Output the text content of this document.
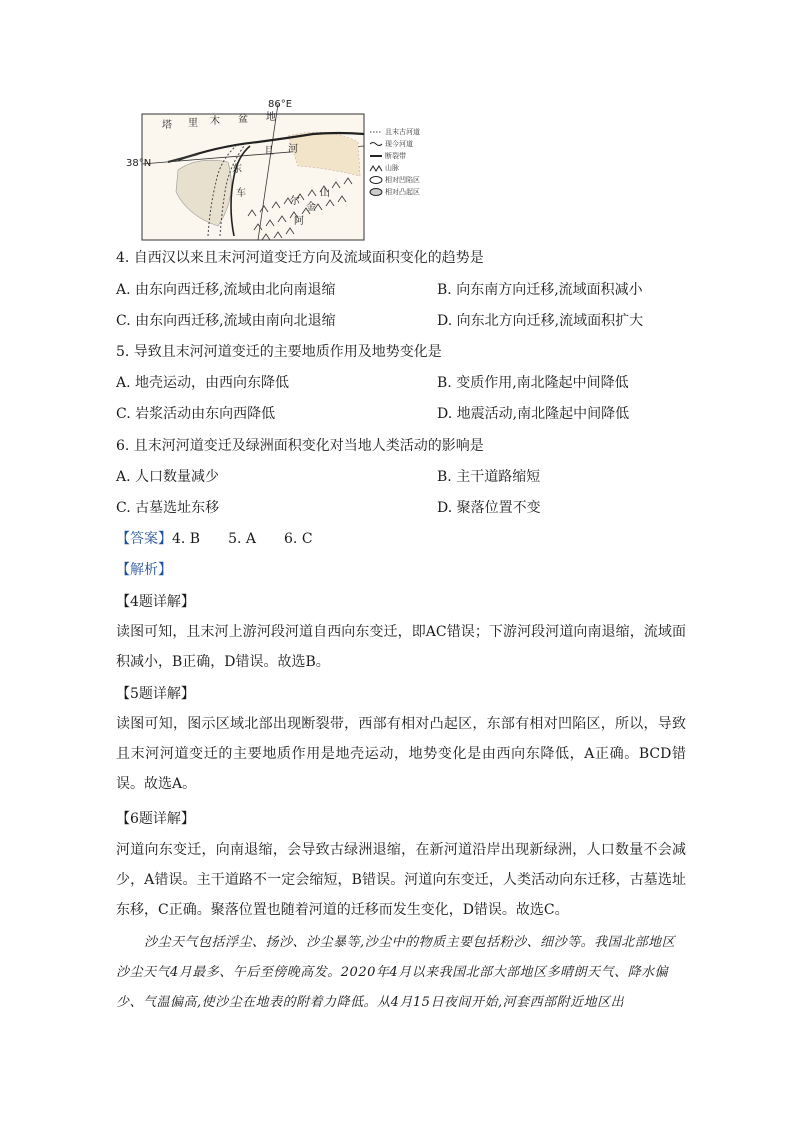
86°E
38°N
塔 里 木 盆 地
且 河
东
车
尔
山
金
阿
且末古河道
现今河道
断裂带
山脉
相对凹陷区
相对凸起区
4. 自西汉以来且末河河道变迁方向及流域面积变化的趋势是
A. 由东向西迁移,流域由北向南退缩	B. 向东南方向迁移,流域面积减小
C. 由东向西迁移,流域由南向北退缩	D. 向东北方向迁移,流域面积扩大
5. 导致且末河河道变迁的主要地质作用及地势变化是
A. 地壳运动，由西向东降低	B. 变质作用,南北隆起中间降低
C. 岩浆活动由东向西降低	D. 地震活动,南北隆起中间降低
6. 且末河河道变迁及绿洲面积变化对当地人类活动的影响是
A. 人口数量减少	B. 主干道路缩短
C. 古墓选址东移	D. 聚落位置不变
【答案】4. B　　5. A　　6. C
【解析】
【4题详解】
读图可知，且末河上游河段河道自西向东变迁，即AC错误；下游河段河道向南退缩，流域面积减小，B正确，D错误。故选B。
【5题详解】
读图可知，图示区域北部出现断裂带，西部有相对凸起区，东部有相对凹陷区，所以，导致且末河河道变迁的主要地质作用是地壳运动，地势变化是由西向东降低，A正确。BCD错误。故选A。
【6题详解】
河道向东变迁，向南退缩，会导致古绿洲退缩，在新河道沿岸出现新绿洲，人口数量不会减少，A错误。主干道路不一定会缩短，B错误。河道向东变迁，人类活动向东迁移，古墓选址东移，C正确。聚落位置也随着河道的迁移而发生变化，D错误。故选C。
沙尘天气包括浮尘、扬沙、沙尘暴等,沙尘中的物质主要包括粉沙、细沙等。我国北部地区沙尘天气4月最多、午后至傍晚高发。2020年4月以来我国北部大部地区多晴朗天气、降水偏少、气温偏高,使沙尘在地表的附着力降低。从4月15日夜间开始,河套西部附近地区出
